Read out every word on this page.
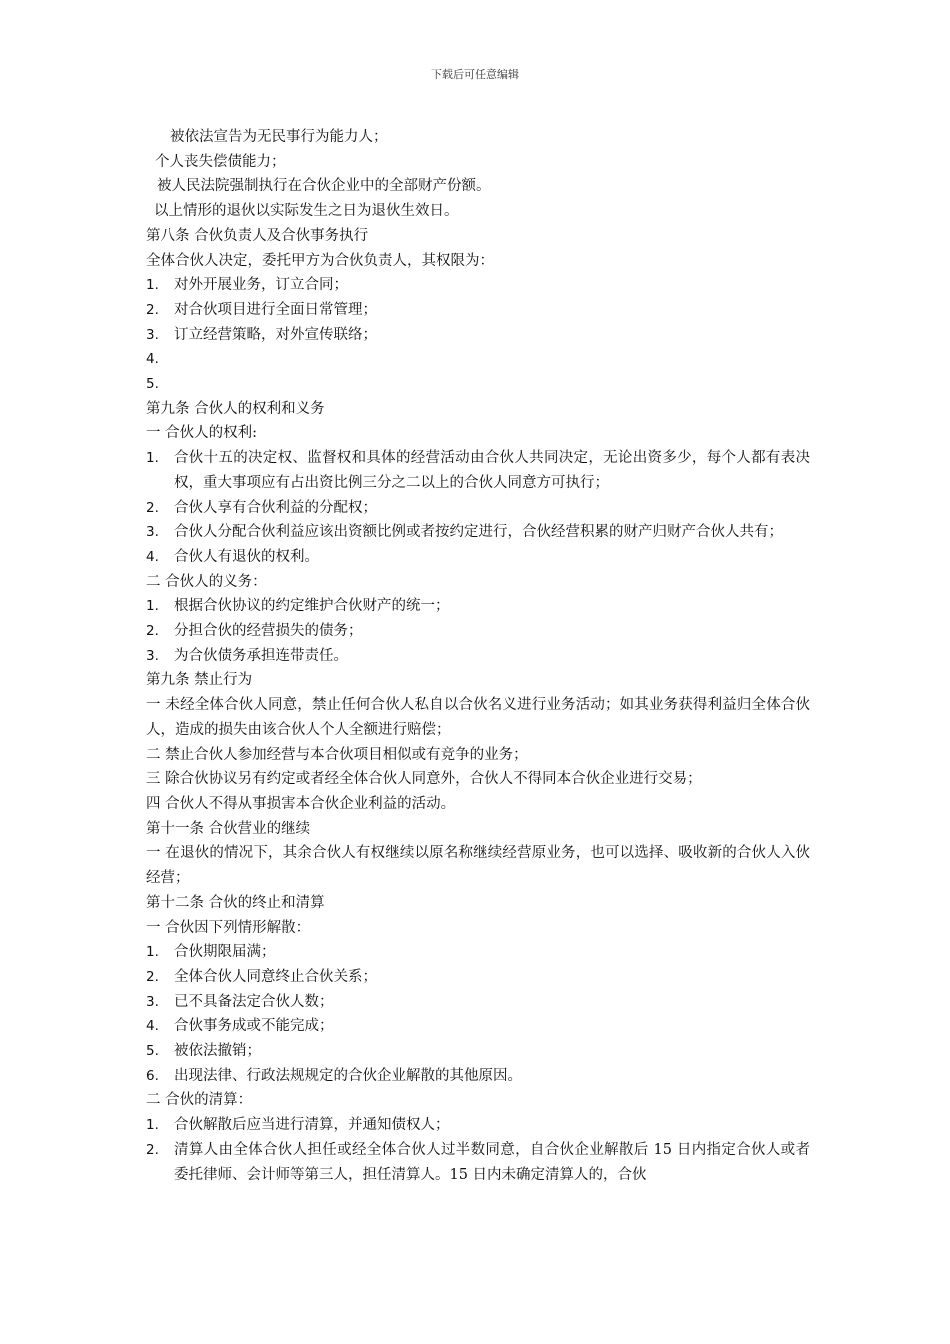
下载后可任意编辑

被依法宣告为无民事行为能力人；

个人丧失偿债能力；

被人民法院强制执行在合伙企业中的全部财产份额。

以上情形的退伙以实际发生之日为退伙生效日。

第八条 合伙负责人及合伙事务执行

全体合伙人决定，委托甲方为合伙负责人，其权限为：

1.	对外开展业务，订立合同；
2.	对合伙项目进行全面日常管理；
3.	订立经营策略，对外宣传联络；
4.
5.

第九条 合伙人的权利和义务

一 合伙人的权利:

1.	合伙十五的决定权、监督权和具体的经营活动由合伙人共同决定，无论出资多少，每个人都有表决权，重大事项应有占出资比例三分之二以上的合伙人同意方可执行；
2.	合伙人享有合伙利益的分配权；
3.	合伙人分配合伙利益应该出资额比例或者按约定进行，合伙经营积累的财产归财产合伙人共有；
4.	合伙人有退伙的权利。

二 合伙人的义务：

1.	根据合伙协议的约定维护合伙财产的统一；
2.	分担合伙的经营损失的债务；
3.	为合伙债务承担连带责任。

第九条 禁止行为

一 未经全体合伙人同意，禁止任何合伙人私自以合伙名义进行业务活动；如其业务获得利益归全体合伙人，造成的损失由该合伙人个人全额进行赔偿；

二 禁止合伙人参加经营与本合伙项目相似或有竞争的业务；

三 除合伙协议另有约定或者经全体合伙人同意外，合伙人不得同本合伙企业进行交易；

四 合伙人不得从事损害本合伙企业利益的活动。

第十一条 合伙营业的继续

一 在退伙的情况下，其余合伙人有权继续以原名称继续经营原业务，也可以选择、吸收新的合伙人入伙经营；

第十二条 合伙的终止和清算

一 合伙因下列情形解散：

1.	合伙期限届满；
2.	全体合伙人同意终止合伙关系；
3.	已不具备法定合伙人数；
4.	合伙事务成或不能完成；
5.	被依法撤销；
6.	出现法律、行政法规规定的合伙企业解散的其他原因。

二 合伙的清算：

1.	合伙解散后应当进行清算，并通知债权人；
2.	清算人由全体合伙人担任或经全体合伙人过半数同意，自合伙企业解散后 15 日内指定合伙人或者委托律师、会计师等第三人，担任清算人。15 日内未确定清算人的，合伙
